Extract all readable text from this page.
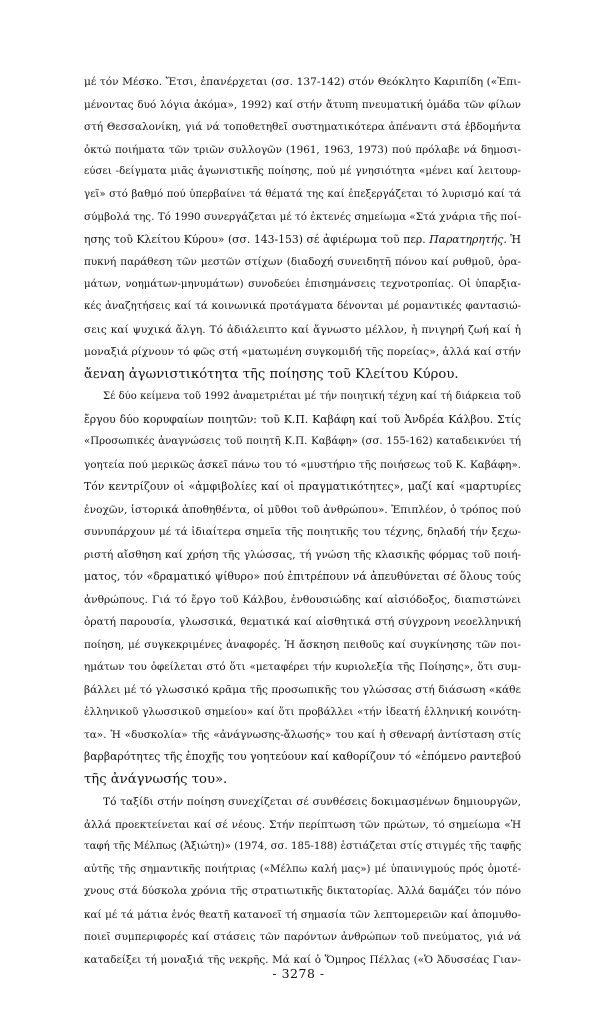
μέ τόν Μέσκο. Ἔτσι, ἐπανέρχεται (σσ. 137-142) στόν Θεόκλητο Καριπίδη («Ἐπι-
μένοντας δυό λόγια ἀκόμα», 1992) καί στήν ἄτυπη πνευματική ὁμάδα τῶν φίλων
στή Θεσσαλονίκη, γιά νά τοποθετηθεῖ συστηματικότερα ἀπέναντι στά ἑβδομήντα
ὀκτώ ποιήματα τῶν τριῶν συλλογῶν (1961, 1963, 1973) πού πρόλαβε νά δημοσι-
εύσει -δείγματα μιᾶς ἀγωνιστικῆς ποίησης, πού μέ γνησιότητα «μένει καί λειτουρ-
γεῖ» στό βαθμό πού ὑπερβαίνει τά θέματά της καί ἐπεξεργάζεται τό λυρισμό καί τά
σύμβολά της. Τό 1990 συνεργάζεται μέ τό ἐκτενές σημείωμα «Στά χνάρια τῆς ποί-
ησης τοῦ Κλείτου Κύρου» (σσ. 143-153) σέ ἀφιέρωμα τοῦ περ. Παρατηρητής. Ἡ
πυκνή παράθεση τῶν μεστῶν στίχων (διαδοχή συνειδητῆ πόνου καί ρυθμοῦ, ὁρα-
μάτων, νοημάτων-μηνυμάτων) συνοδεύει ἐπισημάνσεις τεχνοτροπίας. Οἱ ὑπαρξια-
κές ἀναζητήσεις καί τά κοινωνικά προτάγματα δένονται μέ ρομαντικές φαντασιώ-
σεις καί ψυχικά ἄλγη. Τό ἀδιάλειπτο καί ἄγνωστο μέλλον, ἡ πνιγηρή ζωή καί ἡ
μοναξιά ρίχνουν τό φῶς στή «ματωμένη συγκομιδή τῆς πορείας», ἀλλά καί στήν
ἄεναη ἀγωνιστικότητα τῆς ποίησης τοῦ Κλείτου Κύρου.
Σέ δύο κείμενα τοῦ 1992 ἀναμετριέται μέ τήν ποιητική τέχνη καί τή διάρκεια τοῦ
ἔργου δύο κορυφαίων ποιητῶν: τοῦ Κ.Π. Καβάφη καί τοῦ Ἀνδρέα Κάλβου. Στίς
«Προσωπικές ἀναγνώσεις τοῦ ποιητῆ Κ.Π. Καβάφη» (σσ. 155-162) καταδεικνύει τή
γοητεία πού μερικῶς ἀσκεῖ πάνω του τό «μυστήριο τῆς ποιήσεως τοῦ Κ. Καβάφη».
Τόν κεντρίζουν οἱ «ἀμφιβολίες καί οἱ πραγματικότητες», μαζί καί «μαρτυρίες
ἐνοχῶν, ἱστορικά ἀποθηθέντα, οἱ μῦθοι τοῦ ἀνθρώπου». Ἐπιπλέον, ὁ τρόπος πού
συνυπάρχουν μέ τά ἰδιαίτερα σημεῖα τῆς ποιητικῆς του τέχνης, δηλαδή τήν ξεχω-
ριστή αἴσθηση καί χρήση τῆς γλώσσας, τή γνώση τῆς κλασικῆς φόρμας τοῦ ποιή-
ματος, τόν «δραματικό ψίθυρο» πού ἐπιτρέπουν νά ἀπευθύνεται σέ ὅλους τούς
ἀνθρώπους. Γιά τό ἔργο τοῦ Κάλβου, ἐνθουσιώδης καί αἰσιόδοξος, διαπιστώνει
ὁρατή παρουσία, γλωσσικά, θεματικά καί αἰσθητικά στή σύγχρονη νεοελληνική
ποίηση, μέ συγκεκριμένες ἀναφορές. Ἡ ἄσκηση πειθοῦς καί συγκίνησης τῶν ποι-
ημάτων του ὀφείλεται στό ὅτι «μεταφέρει τήν κυριολεξία τῆς Ποίησης», ὅτι συμ-
βάλλει μέ τό γλωσσικό κρᾶμα τῆς προσωπικῆς του γλώσσας στή διάσωση «κάθε
ἑλληνικοῦ γλωσσικοῦ σημείου» καί ὅτι προβάλλει «τήν ἰδεατή ἑλληνική κοινότη-
τα». Ἡ «δυσκολία» τῆς «ἀνάγνωσης-ἄλωσής» του καί ἡ σθεναρή ἀντίσταση στίς
βαρβαρότητες τῆς ἐποχῆς του γοητεύουν καί καθορίζουν τό «ἐπόμενο ραντεβού
τῆς ἀνάγνωσής του».
Τό ταξίδι στήν ποίηση συνεχίζεται σέ συνθέσεις δοκιμασμένων δημιουργῶν,
ἀλλά προεκτείνεται καί σέ νέους. Στήν περίπτωση τῶν πρώτων, τό σημείωμα «Ἡ
ταφή τῆς Μέλπως (Ἀξιώτη)» (1974, σσ. 185-188) ἑστιάζεται στίς στιγμές τῆς ταφῆς
αὐτῆς τῆς σημαντικῆς ποιήτριας («Μέλπω καλή μας») μέ ὑπαινιγμούς πρός ὁμοτέ-
χνους στά δύσκολα χρόνια τῆς στρατιωτικῆς δικτατορίας. Ἀλλά δαμάζει τόν πόνο
καί μέ τά μάτια ἑνός θεατῆ κατανοεῖ τή σημασία τῶν λεπτομερειῶν καί ἀπομυθο-
ποιεῖ συμπεριφορές καί στάσεις τῶν παρόντων ἀνθρώπων τοῦ πνεύματος, γιά νά
καταδείξει τή μοναξιά τῆς νεκρῆς. Μά καί ὁ Ὅμηρος Πέλλας («Ὁ Ἀδυσσέας Γιαν-
- 3278 -
